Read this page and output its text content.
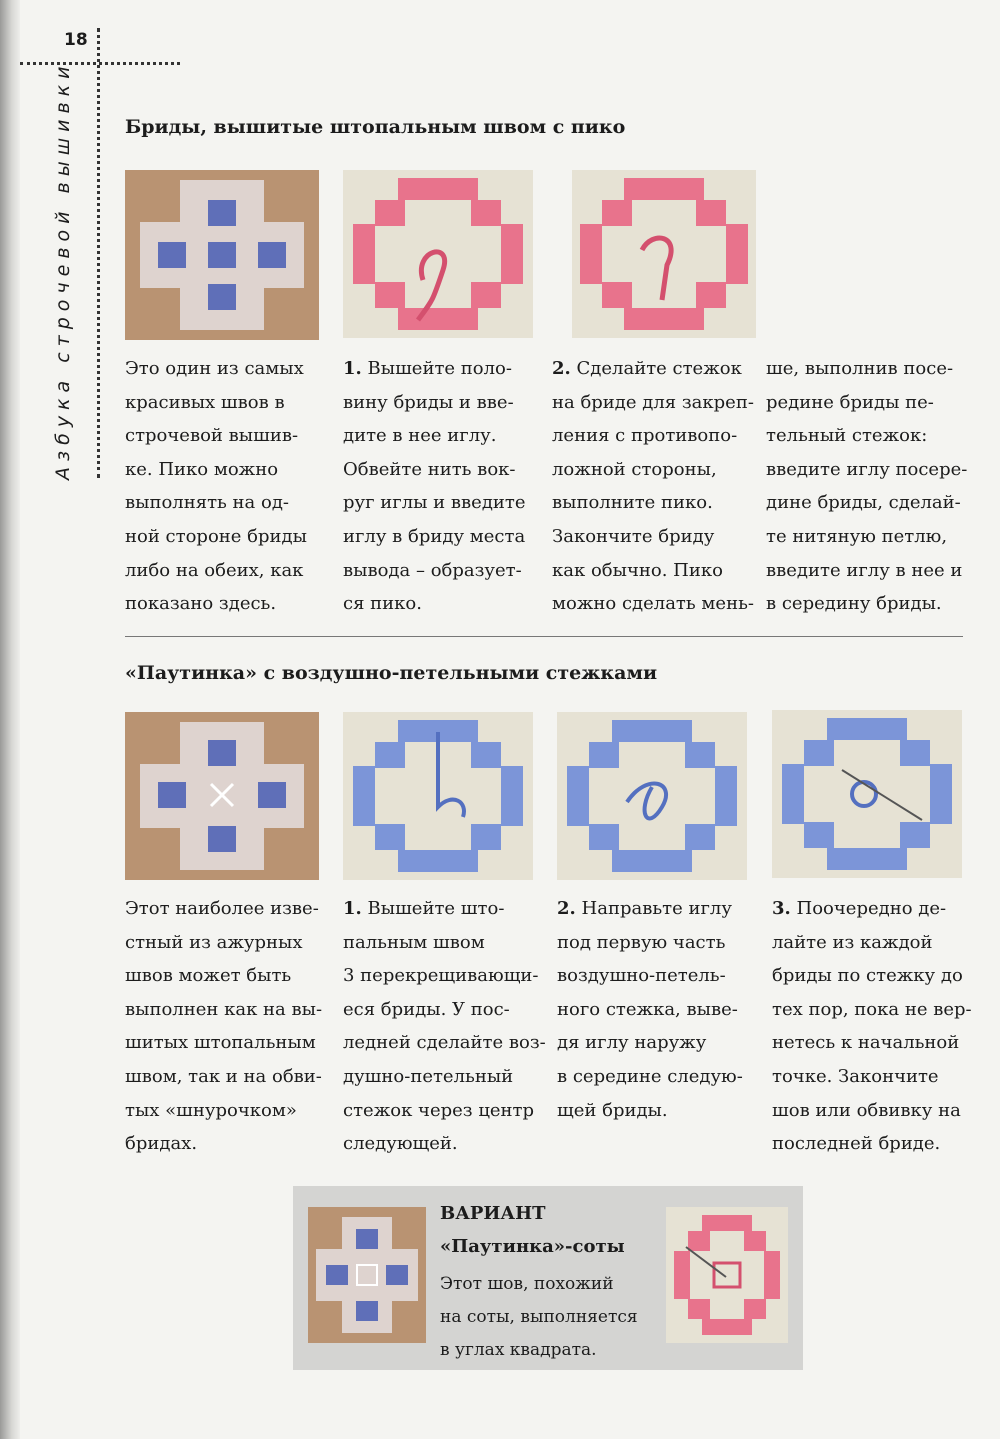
18
Азбука строчевой вышивки	Бриды, вышитые штопальным швом с пико
Это один из самых
красивых швов в
строчевой вышив-
ке. Пико можно
выполнять на од-
ной стороне бриды
либо на обеих, как
показано здесь.
1. Вышейте поло-
вину бриды и вве-
дите в нее иглу.
Обвейте нить вок-
руг иглы и введите
иглу в бриду места
вывода – образует-
ся пико.
2. Сделайте стежок
на бриде для закреп-
ления с противопо-
ложной стороны,
выполните пико.
Закончите бриду
как обычно. Пико
можно сделать мень-
ше, выполнив посе-
редине бриды пе-
тельный стежок:
введите иглу посере-
дине бриды, сделай-
те нитяную петлю,
введите иглу в нее и
в середину бриды.
«Паутинка» с воздушно-петельными стежками
Этот наиболее изве-
стный из ажурных
швов может быть
выполнен как на вы-
шитых штопальным
швом, так и на обви-
тых «шнурочком»
бридах.
1. Вышейте што-
пальным швом
3 перекрещивающи-
еся бриды. У пос-
ледней сделайте воз-
душно-петельный
стежок через центр
следующей.
2. Направьте иглу
под первую часть
воздушно-петель-
ного стежка, выве-
дя иглу наружу
в середине следую-
щей бриды.
3. Поочередно де-
лайте из каждой
бриды по стежку до
тех пор, пока не вер-
нетесь к начальной
точке. Закончите
шов или обвивку на
последней бриде.
ВАРИАНТ
«Паутинка»-соты
Этот шов, похожий
на соты, выполняется
в углах квадрата.
